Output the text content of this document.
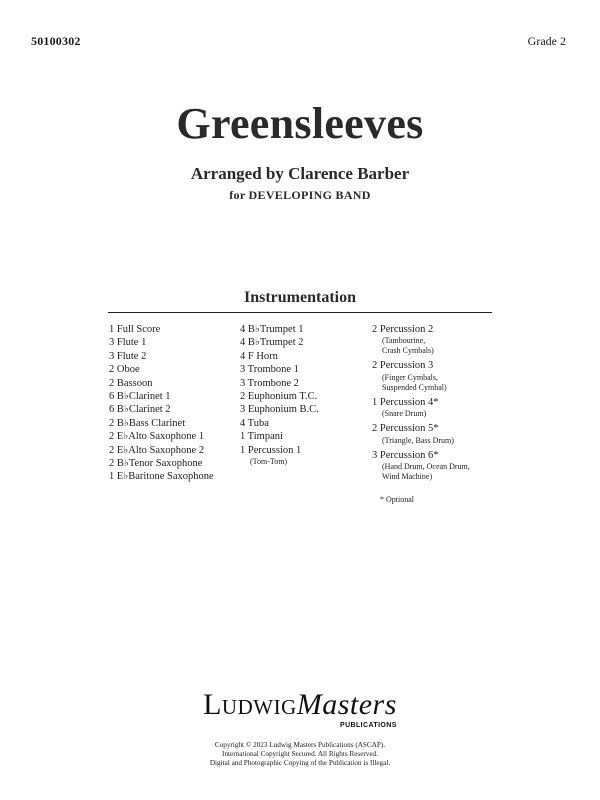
50100302	Grade 2
Greensleeves
Arranged by Clarence Barber
for DEVELOPING BAND
Instrumentation
1 Full Score
3 Flute 1
3 Flute 2
2 Oboe
2 Bassoon
6 B♭Clarinet 1
6 B♭Clarinet 2
2 B♭Bass Clarinet
2 E♭Alto Saxophone 1
2 E♭Alto Saxophone 2
2 B♭Tenor Saxophone
1 E♭Baritone Saxophone
4 B♭Trumpet 1
4 B♭Trumpet 2
4 F Horn
3 Trombone 1
3 Trombone 2
2 Euphonium T.C.
3 Euphonium B.C.
4 Tuba
1 Timpani
1 Percussion 1
(Tom-Tom)
2 Percussion 2
(Tambourine,
Crash Cymbals)
2 Percussion 3
(Finger Cymbals,
Suspended Cymbal)
1 Percussion 4*
(Snare Drum)
2 Percussion 5*
(Triangle, Bass Drum)
3 Percussion 6*
(Hand Drum, Ocean Drum,
Wind Machine)
* Optional
LudwigMasters
PUBLICATIONS
Copyright © 2023 Ludwig Masters Publications (ASCAP).
International Copyright Secured. All Rights Reserved.
Digital and Photographic Copying of the Publication is Illegal.
